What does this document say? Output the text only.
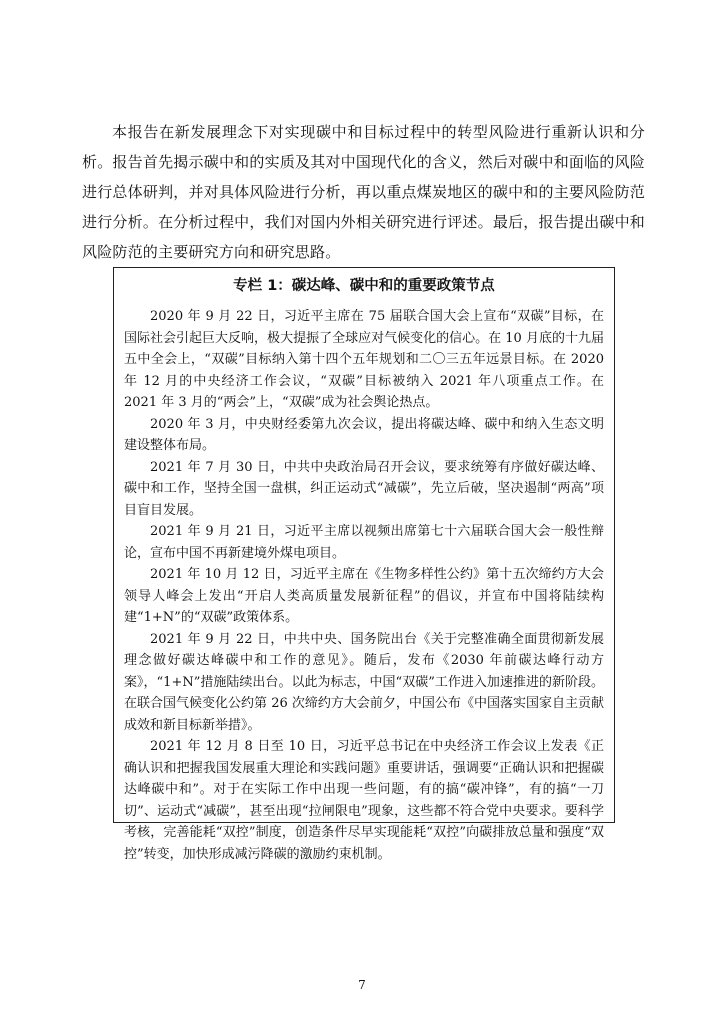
本报告在新发展理念下对实现碳中和目标过程中的转型风险进行重新认识和分析。报告首先揭示碳中和的实质及其对中国现代化的含义，然后对碳中和面临的风险进行总体研判，并对具体风险进行分析，再以重点煤炭地区的碳中和的主要风险防范进行分析。在分析过程中，我们对国内外相关研究进行评述。最后，报告提出碳中和风险防范的主要研究方向和研究思路。

专栏 1：碳达峰、碳中和的重要政策节点

2020 年 9 月 22 日，习近平主席在 75 届联合国大会上宣布“双碳”目标，在国际社会引起巨大反响，极大提振了全球应对气候变化的信心。在 10 月底的十九届五中全会上，“双碳”目标纳入第十四个五年规划和二〇三五年远景目标。在 2020 年 12 月的中央经济工作会议，“双碳”目标被纳入 2021 年八项重点工作。在 2021 年 3 月的“两会”上，“双碳”成为社会舆论热点。

2020 年 3 月，中央财经委第九次会议，提出将碳达峰、碳中和纳入生态文明建设整体布局。

2021 年 7 月 30 日，中共中央政治局召开会议，要求统筹有序做好碳达峰、碳中和工作，坚持全国一盘棋，纠正运动式“减碳”，先立后破，坚决遏制“两高”项目盲目发展。

2021 年 9 月 21 日，习近平主席以视频出席第七十六届联合国大会一般性辩论，宣布中国不再新建境外煤电项目。

2021 年 10 月 12 日，习近平主席在《生物多样性公约》第十五次缔约方大会领导人峰会上发出“开启人类高质量发展新征程”的倡议，并宣布中国将陆续构建“1+N”的“双碳”政策体系。

2021 年 9 月 22 日，中共中央、国务院出台《关于完整准确全面贯彻新发展理念做好碳达峰碳中和工作的意见》。随后，发布《2030 年前碳达峰行动方案》，“1+N”措施陆续出台。以此为标志，中国“双碳”工作进入加速推进的新阶段。在联合国气候变化公约第 26 次缔约方大会前夕，中国公布《中国落实国家自主贡献成效和新目标新举措》。

2021 年 12 月 8 日至 10 日，习近平总书记在中央经济工作会议上发表《正确认识和把握我国发展重大理论和实践问题》重要讲话，强调要“正确认识和把握碳达峰碳中和”。对于在实际工作中出现一些问题，有的搞“碳冲锋”，有的搞“一刀切”、运动式“减碳”，甚至出现“拉闸限电”现象，这些都不符合党中央要求。要科学考核，完善能耗“双控”制度，创造条件尽早实现能耗“双控”向碳排放总量和强度“双控”转变，加快形成减污降碳的激励约束机制。

7
